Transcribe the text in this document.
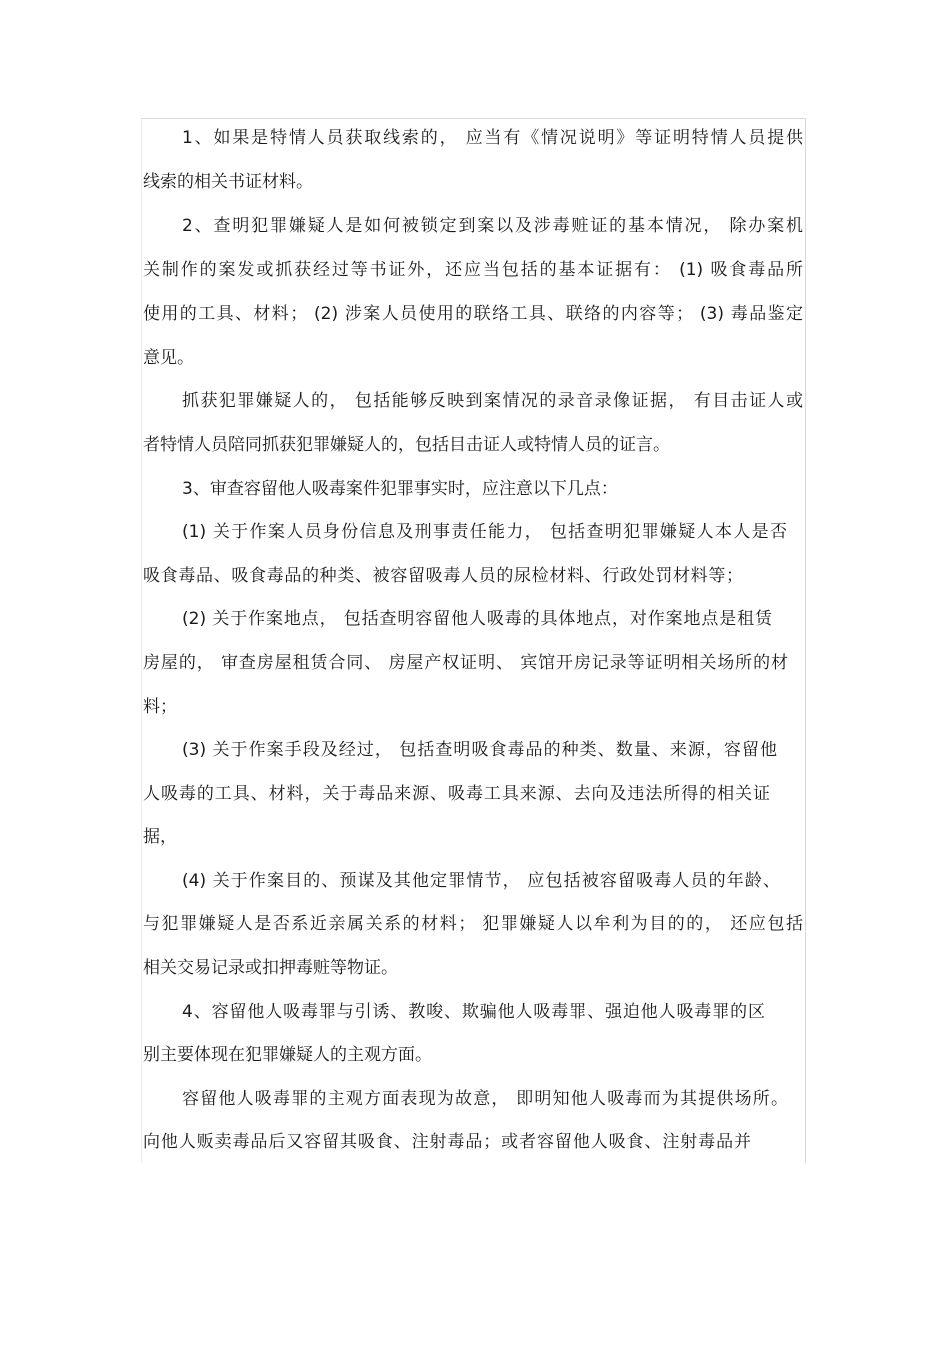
1、如果是特情人员获取线索的， 应当有《情况说明》等证明特情人员提供
线索的相关书证材料。
2、查明犯罪嫌疑人是如何被锁定到案以及涉毒赃证的基本情况， 除办案机
关制作的案发或抓获经过等书证外，还应当包括的基本证据有： (1) 吸食毒品所
使用的工具、材料； (2) 涉案人员使用的联络工具、联络的内容等； (3) 毒品鉴定
意见。
抓获犯罪嫌疑人的， 包括能够反映到案情况的录音录像证据， 有目击证人或
者特情人员陪同抓获犯罪嫌疑人的，包括目击证人或特情人员的证言。
3、审查容留他人吸毒案件犯罪事实时，应注意以下几点：
(1) 关于作案人员身份信息及刑事责任能力， 包括查明犯罪嫌疑人本人是否
吸食毒品、吸食毒品的种类、被容留吸毒人员的尿检材料、行政处罚材料等；
(2) 关于作案地点， 包括查明容留他人吸毒的具体地点，对作案地点是租赁
房屋的， 审查房屋租赁合同、 房屋产权证明、 宾馆开房记录等证明相关场所的材
料；
(3) 关于作案手段及经过， 包括查明吸食毒品的种类、数量、来源，容留他
人吸毒的工具、材料，关于毒品来源、吸毒工具来源、去向及违法所得的相关证
据，
(4) 关于作案目的、预谋及其他定罪情节， 应包括被容留吸毒人员的年龄、
与犯罪嫌疑人是否系近亲属关系的材料； 犯罪嫌疑人以牟利为目的的， 还应包括
相关交易记录或扣押毒赃等物证。
4、容留他人吸毒罪与引诱、教唆、欺骗他人吸毒罪、强迫他人吸毒罪的区
别主要体现在犯罪嫌疑人的主观方面。
容留他人吸毒罪的主观方面表现为故意， 即明知他人吸毒而为其提供场所。
向他人贩卖毒品后又容留其吸食、注射毒品；或者容留他人吸食、注射毒品并
